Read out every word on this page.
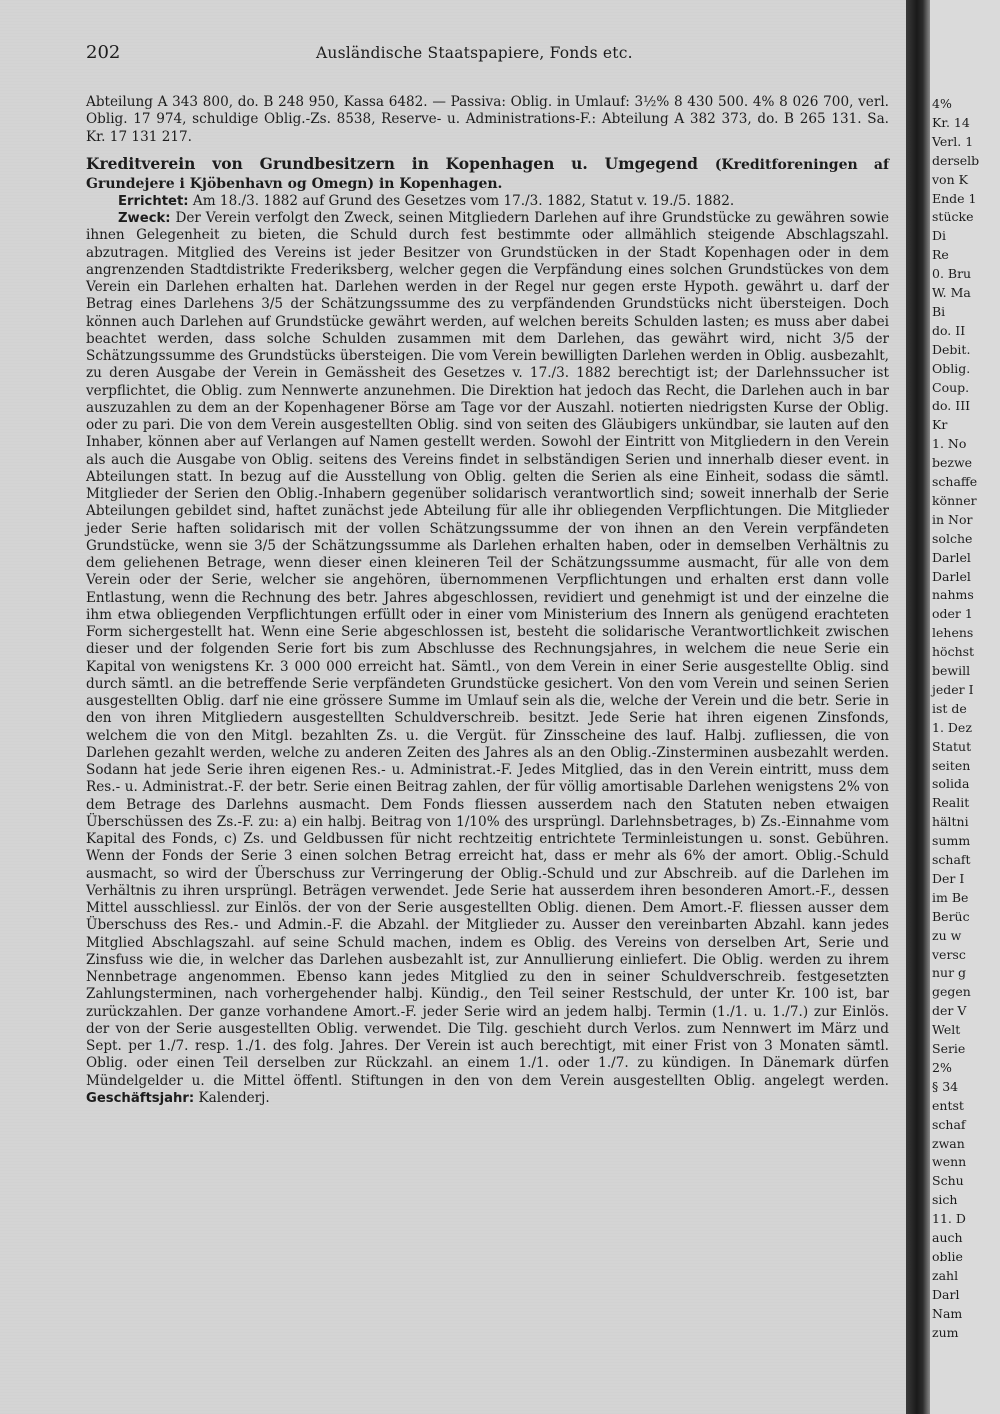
202	Ausländische Staatspapiere, Fonds etc.

Abteilung A 343 800, do. B 248 950, Kassa 6482. — Passiva: Oblig. in Umlauf: 3½% 8 430 500. 4% 8 026 700, verl. Oblig. 17 974, schuldige Oblig.-Zs. 8538, Reserve- u. Administrations-F.: Abteilung A 382 373, do. B 265 131. Sa. Kr. 17 131 217.

Kreditverein von Grundbesitzern in Kopenhagen u. Umgegend (Kreditforeningen af Grundejere i Kjöbenhavn og Omegn) in Kopenhagen.

Errichtet: Am 18./3. 1882 auf Grund des Gesetzes vom 17./3. 1882, Statut v. 19./5. 1882.

Zweck: Der Verein verfolgt den Zweck, seinen Mitgliedern Darlehen auf ihre Grundstücke zu gewähren sowie ihnen Gelegenheit zu bieten, die Schuld durch fest bestimmte oder allmählich steigende Abschlagszahl. abzutragen. Mitglied des Vereins ist jeder Besitzer von Grundstücken in der Stadt Kopenhagen oder in dem angrenzenden Stadtdistrikte Frederiksberg, welcher gegen die Verpfändung eines solchen Grundstückes von dem Verein ein Darlehen erhalten hat. Darlehen werden in der Regel nur gegen erste Hypoth. gewährt u. darf der Betrag eines Darlehens 3/5 der Schätzungssumme des zu verpfändenden Grundstücks nicht übersteigen. Doch können auch Darlehen auf Grundstücke gewährt werden, auf welchen bereits Schulden lasten; es muss aber dabei beachtet werden, dass solche Schulden zusammen mit dem Darlehen, das gewährt wird, nicht 3/5 der Schätzungssumme des Grundstücks übersteigen. Die vom Verein bewilligten Darlehen werden in Oblig. ausbezahlt, zu deren Ausgabe der Verein in Gemässheit des Gesetzes v. 17./3. 1882 berechtigt ist; der Darlehnssucher ist verpflichtet, die Oblig. zum Nennwerte anzunehmen. Die Direktion hat jedoch das Recht, die Darlehen auch in bar auszuzahlen zu dem an der Kopenhagener Börse am Tage vor der Auszahl. notierten niedrigsten Kurse der Oblig. oder zu pari. Die von dem Verein ausgestellten Oblig. sind von seiten des Gläubigers unkündbar, sie lauten auf den Inhaber, können aber auf Verlangen auf Namen gestellt werden. Sowohl der Eintritt von Mitgliedern in den Verein als auch die Ausgabe von Oblig. seitens des Vereins findet in selbständigen Serien und innerhalb dieser event. in Abteilungen statt. In bezug auf die Ausstellung von Oblig. gelten die Serien als eine Einheit, sodass die sämtl. Mitglieder der Serien den Oblig.-Inhabern gegenüber solidarisch verantwortlich sind; soweit innerhalb der Serie Abteilungen gebildet sind, haftet zunächst jede Abteilung für alle ihr obliegenden Verpflichtungen. Die Mitglieder jeder Serie haften solidarisch mit der vollen Schätzungssumme der von ihnen an den Verein verpfändeten Grundstücke, wenn sie 3/5 der Schätzungssumme als Darlehen erhalten haben, oder in demselben Verhältnis zu dem geliehenen Betrage, wenn dieser einen kleineren Teil der Schätzungssumme ausmacht, für alle von dem Verein oder der Serie, welcher sie angehören, übernommenen Verpflichtungen und erhalten erst dann volle Entlastung, wenn die Rechnung des betr. Jahres abgeschlossen, revidiert und genehmigt ist und der einzelne die ihm etwa obliegenden Verpflichtungen erfüllt oder in einer vom Ministerium des Innern als genügend erachteten Form sichergestellt hat. Wenn eine Serie abgeschlossen ist, besteht die solidarische Verantwortlichkeit zwischen dieser und der folgenden Serie fort bis zum Abschlusse des Rechnungsjahres, in welchem die neue Serie ein Kapital von wenigstens Kr. 3 000 000 erreicht hat. Sämtl., von dem Verein in einer Serie ausgestellte Oblig. sind durch sämtl. an die betreffende Serie verpfändeten Grundstücke gesichert. Von den vom Verein und seinen Serien ausgestellten Oblig. darf nie eine grössere Summe im Umlauf sein als die, welche der Verein und die betr. Serie in den von ihren Mitgliedern ausgestellten Schuldverschreib. besitzt. Jede Serie hat ihren eigenen Zinsfonds, welchem die von den Mitgl. bezahlten Zs. u. die Vergüt. für Zinsscheine des lauf. Halbj. zufliessen, die von Darlehen gezahlt werden, welche zu anderen Zeiten des Jahres als an den Oblig.-Zinsterminen ausbezahlt werden. Sodann hat jede Serie ihren eigenen Res.- u. Administrat.-F. Jedes Mitglied, das in den Verein eintritt, muss dem Res.- u. Administrat.-F. der betr. Serie einen Beitrag zahlen, der für völlig amortisable Darlehen wenigstens 2% von dem Betrage des Darlehns ausmacht. Dem Fonds fliessen ausserdem nach den Statuten neben etwaigen Überschüssen des Zs.-F. zu: a) ein halbj. Beitrag von 1/10% des ursprüngl. Darlehnsbetrages, b) Zs.-Einnahme vom Kapital des Fonds, c) Zs. und Geldbussen für nicht rechtzeitig entrichtete Terminleistungen u. sonst. Gebühren. Wenn der Fonds der Serie 3 einen solchen Betrag erreicht hat, dass er mehr als 6% der amort. Oblig.-Schuld ausmacht, so wird der Überschuss zur Verringerung der Oblig.-Schuld und zur Abschreib. auf die Darlehen im Verhältnis zu ihren ursprüngl. Beträgen verwendet. Jede Serie hat ausserdem ihren besonderen Amort.-F., dessen Mittel ausschliessl. zur Einlös. der von der Serie ausgestellten Oblig. dienen. Dem Amort.-F. fliessen ausser dem Überschuss des Res.- und Admin.-F. die Abzahl. der Mitglieder zu. Ausser den vereinbarten Abzahl. kann jedes Mitglied Abschlagszahl. auf seine Schuld machen, indem es Oblig. des Vereins von derselben Art, Serie und Zinsfuss wie die, in welcher das Darlehen ausbezahlt ist, zur Annullierung einliefert. Die Oblig. werden zu ihrem Nennbetrage angenommen. Ebenso kann jedes Mitglied zu den in seiner Schuldverschreib. festgesetzten Zahlungsterminen, nach vorhergehender halbj. Kündig., den Teil seiner Restschuld, der unter Kr. 100 ist, bar zurückzahlen. Der ganze vorhandene Amort.-F. jeder Serie wird an jedem halbj. Termin (1./1. u. 1./7.) zur Einlös. der von der Serie ausgestellten Oblig. verwendet. Die Tilg. geschieht durch Verlos. zum Nennwert im März und Sept. per 1./7. resp. 1./1. des folg. Jahres. Der Verein ist auch berechtigt, mit einer Frist von 3 Monaten sämtl. Oblig. oder einen Teil derselben zur Rückzahl. an einem 1./1. oder 1./7. zu kündigen. In Dänemark dürfen Mündelgelder u. die Mittel öffentl. Stiftungen in den von dem Verein ausgestellten Oblig. angelegt werden. Geschäftsjahr: Kalenderj.

4%
Kr. 14
Verl. 1
derselb
von K
Ende 1
stücke
Di
Re
0. Bru
W. Ma
Bi
do. II
Debit.
Oblig.
Coup.
do. III
Kr
1. No
bezwe
schaffe
könner
in Nor
solche
Darlel
Darlel
nahms
oder 1
lehens
höchst
bewill
jeder I
ist de
1. Dez
Statut
seiten
solida
Realit
hältni
summ
schaft
Der I
im Be
Berüc
zu w
versc
nur g
gegen
der V
Welt
Serie
2%
§ 34
entst
schaf
zwan
wenn
Schu
sich
11. D
auch
oblie
zahl
Darl
Nam
zum
